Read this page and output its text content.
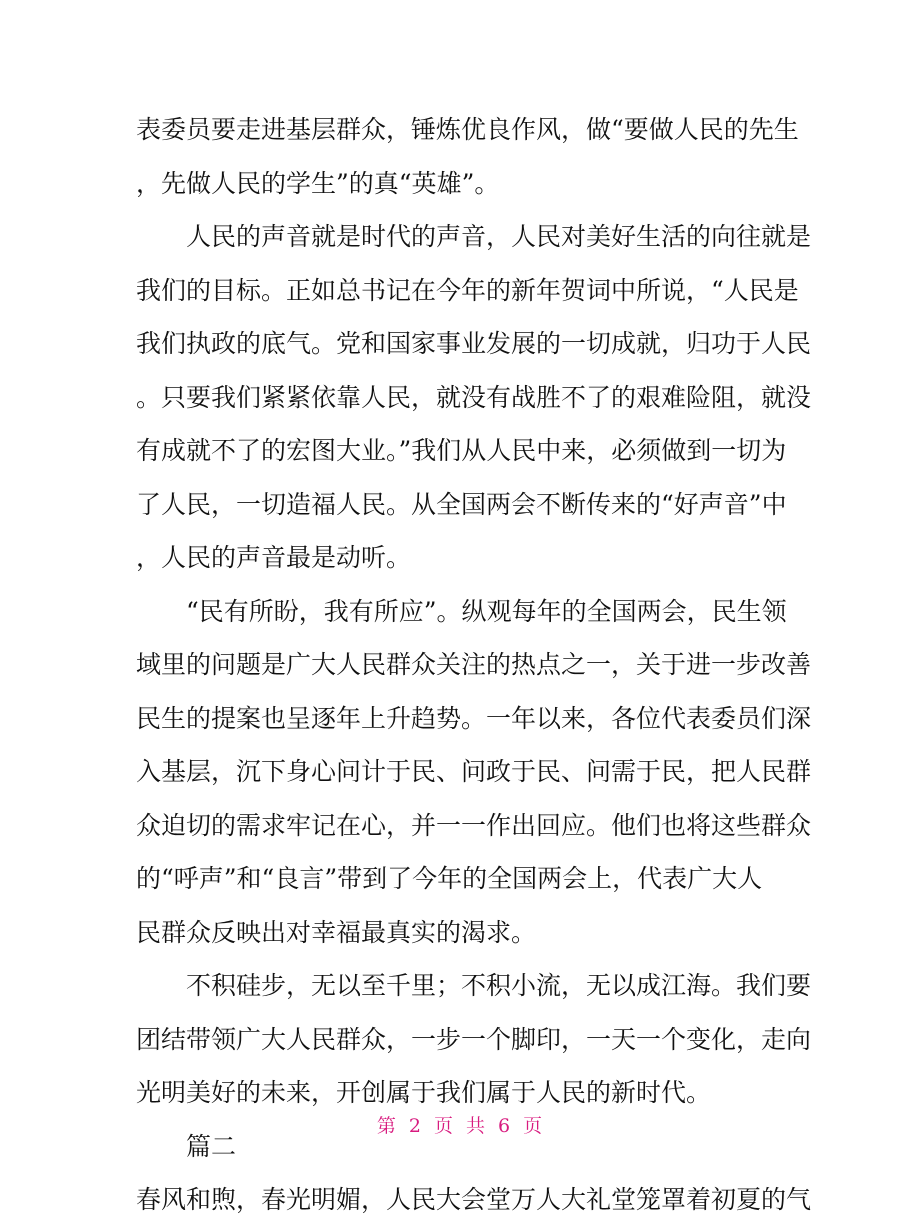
表委员要走进基层群众，锤炼优良作风，做“要做人民的先生
，先做人民的学生”的真“英雄”。
人民的声音就是时代的声音，人民对美好生活的向往就是
我们的目标。正如总书记在今年的新年贺词中所说，“人民是
我们执政的底气。党和国家事业发展的一切成就，归功于人民
。只要我们紧紧依靠人民，就没有战胜不了的艰难险阻，就没
有成就不了的宏图大业。”我们从人民中来，必须做到一切为
了人民，一切造福人民。从全国两会不断传来的“好声音”中
，人民的声音最是动听。
“民有所盼，我有所应”。纵观每年的全国两会，民生领
域里的问题是广大人民群众关注的热点之一，关于进一步改善
民生的提案也呈逐年上升趋势。一年以来，各位代表委员们深
入基层，沉下身心问计于民、问政于民、问需于民，把人民群
众迫切的需求牢记在心，并一一作出回应。他们也将这些群众
的“呼声”和“良言”带到了今年的全国两会上，代表广大人
民群众反映出对幸福最真实的渴求。
不积硅步，无以至千里；不积小流，无以成江海。我们要
团结带领广大人民群众，一步一个脚印，一天一个变化，走向
光明美好的未来，开创属于我们属于人民的新时代。
篇二
春风和煦，春光明媚，人民大会堂万人大礼堂笼罩着初夏的气
第 2 页 共 6 页
